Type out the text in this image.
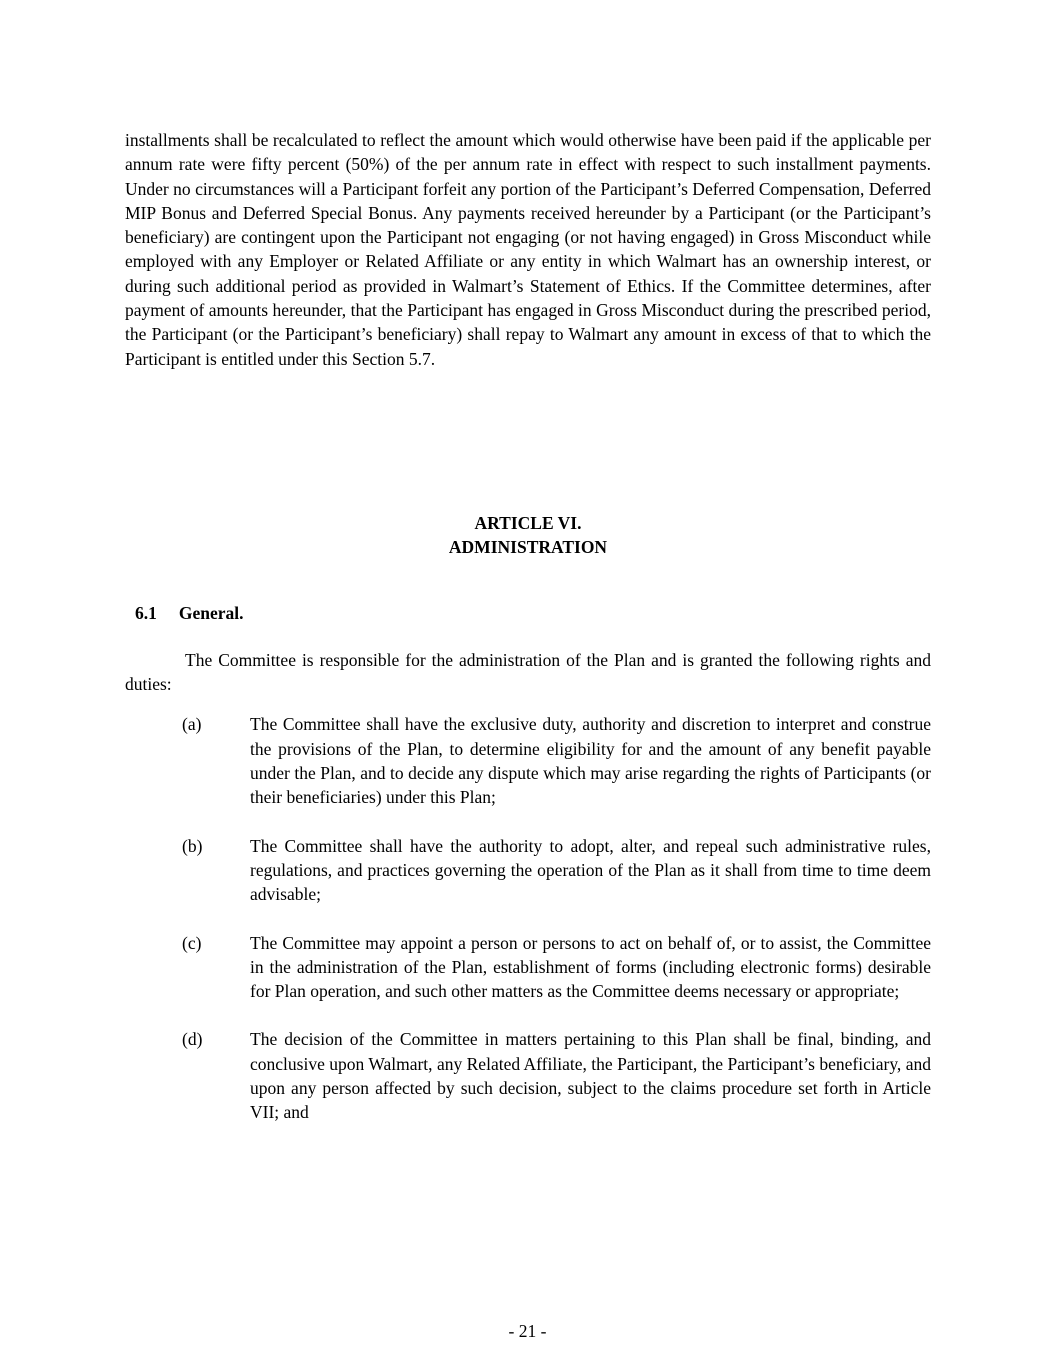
installments shall be recalculated to reflect the amount which would otherwise have been paid if the applicable per annum rate were fifty percent (50%) of the per annum rate in effect with respect to such installment payments. Under no circumstances will a Participant forfeit any portion of the Participant’s Deferred Compensation, Deferred MIP Bonus and Deferred Special Bonus. Any payments received hereunder by a Participant (or the Participant’s beneficiary) are contingent upon the Participant not engaging (or not having engaged) in Gross Misconduct while employed with any Employer or Related Affiliate or any entity in which Walmart has an ownership interest, or during such additional period as provided in Walmart’s Statement of Ethics. If the Committee determines, after payment of amounts hereunder, that the Participant has engaged in Gross Misconduct during the prescribed period, the Participant (or the Participant’s beneficiary) shall repay to Walmart any amount in excess of that to which the Participant is entitled under this Section 5.7.

ARTICLE VI.
ADMINISTRATION
6.1 General.

The Committee is responsible for the administration of the Plan and is granted the following rights and duties:

(a)	The Committee shall have the exclusive duty, authority and discretion to interpret and construe the provisions of the Plan, to determine eligibility for and the amount of any benefit payable under the Plan, and to decide any dispute which may arise regarding the rights of Participants (or their beneficiaries) under this Plan;
(b)	The Committee shall have the authority to adopt, alter, and repeal such administrative rules, regulations, and practices governing the operation of the Plan as it shall from time to time deem advisable;
(c)	The Committee may appoint a person or persons to act on behalf of, or to assist, the Committee in the administration of the Plan, establishment of forms (including electronic forms) desirable for Plan operation, and such other matters as the Committee deems necessary or appropriate;
(d)	The decision of the Committee in matters pertaining to this Plan shall be final, binding, and conclusive upon Walmart, any Related Affiliate, the Participant, the Participant’s beneficiary, and upon any person affected by such decision, subject to the claims procedure set forth in Article VII; and
- 21 -
